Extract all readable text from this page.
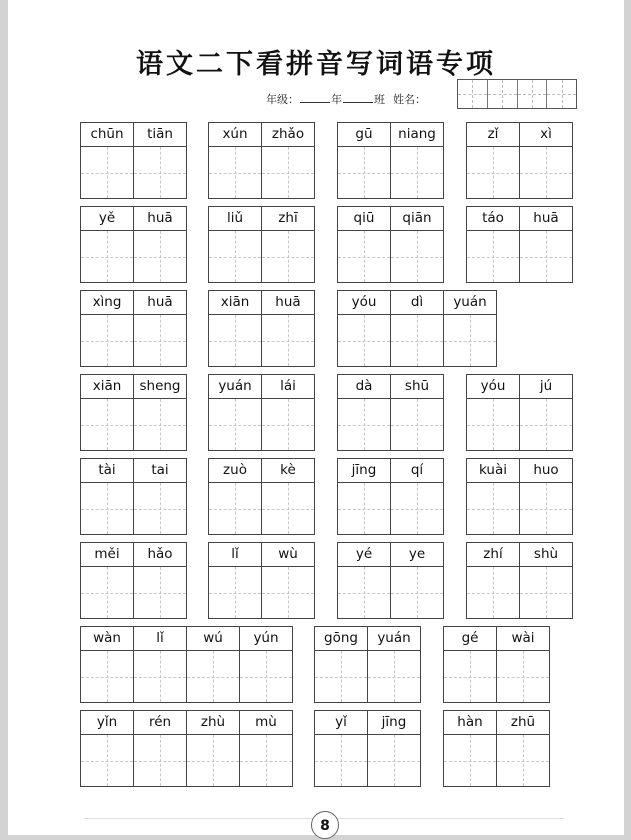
语文二下看拼音写词语专项
年级：	年	班 姓名：
chūn	tiān	xún	zhǎo	gū	niang	zǐ	xì
yě	huā	liǔ	zhī	qiū	qiān	táo	huā
xìng	huā	xiān	huā	yóu	dì	yuán
xiān	sheng	yuán	lái	dà	shū	yóu	jú
tài	tai	zuò	kè	jīng	qí	kuài	huo
měi	hǎo	lǐ	wù	yé	ye	zhí	shù
wàn	lǐ	wú	yún	gōng	yuán	gé	wài
yǐn	rén	zhù	mù	yǐ	jīng	hàn	zhū
8
